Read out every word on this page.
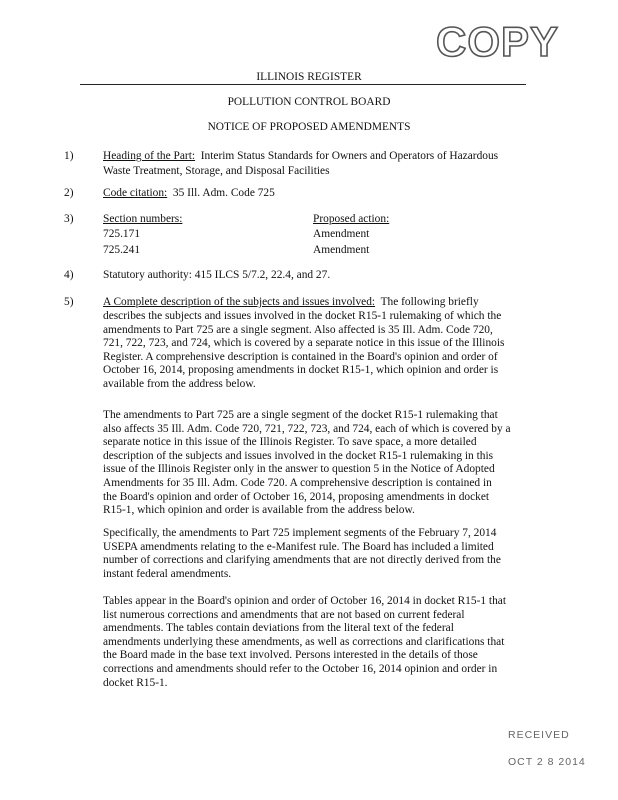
COPY
ILLINOIS REGISTER
POLLUTION CONTROL BOARD
NOTICE OF PROPOSED AMENDMENTS
1)	Heading of the Part: Interim Status Standards for Owners and Operators of Hazardous
Waste Treatment, Storage, and Disposal Facilities
2)	Code citation: 35 Ill. Adm. Code 725
3)	Section numbers:	Proposed action:
725.171	Amendment
725.241	Amendment
4)	Statutory authority: 415 ILCS 5/7.2, 22.4, and 27.
5)	A Complete description of the subjects and issues involved: The following briefly
describes the subjects and issues involved in the docket R15-1 rulemaking of which the
amendments to Part 725 are a single segment. Also affected is 35 Ill. Adm. Code 720,
721, 722, 723, and 724, which is covered by a separate notice in this issue of the Illinois
Register. A comprehensive description is contained in the Board's opinion and order of
October 16, 2014, proposing amendments in docket R15-1, which opinion and order is
available from the address below.
The amendments to Part 725 are a single segment of the docket R15-1 rulemaking that
also affects 35 Ill. Adm. Code 720, 721, 722, 723, and 724, each of which is covered by a
separate notice in this issue of the Illinois Register. To save space, a more detailed
description of the subjects and issues involved in the docket R15-1 rulemaking in this
issue of the Illinois Register only in the answer to question 5 in the Notice of Adopted
Amendments for 35 Ill. Adm. Code 720. A comprehensive description is contained in
the Board's opinion and order of October 16, 2014, proposing amendments in docket
R15-1, which opinion and order is available from the address below.
Specifically, the amendments to Part 725 implement segments of the February 7, 2014
USEPA amendments relating to the e-Manifest rule. The Board has included a limited
number of corrections and clarifying amendments that are not directly derived from the
instant federal amendments.
Tables appear in the Board's opinion and order of October 16, 2014 in docket R15-1 that
list numerous corrections and amendments that are not based on current federal
amendments. The tables contain deviations from the literal text of the federal
amendments underlying these amendments, as well as corrections and clarifications that
the Board made in the base text involved. Persons interested in the details of those
corrections and amendments should refer to the October 16, 2014 opinion and order in
docket R15-1.
RECEIVED
OCT 2 8 2014
